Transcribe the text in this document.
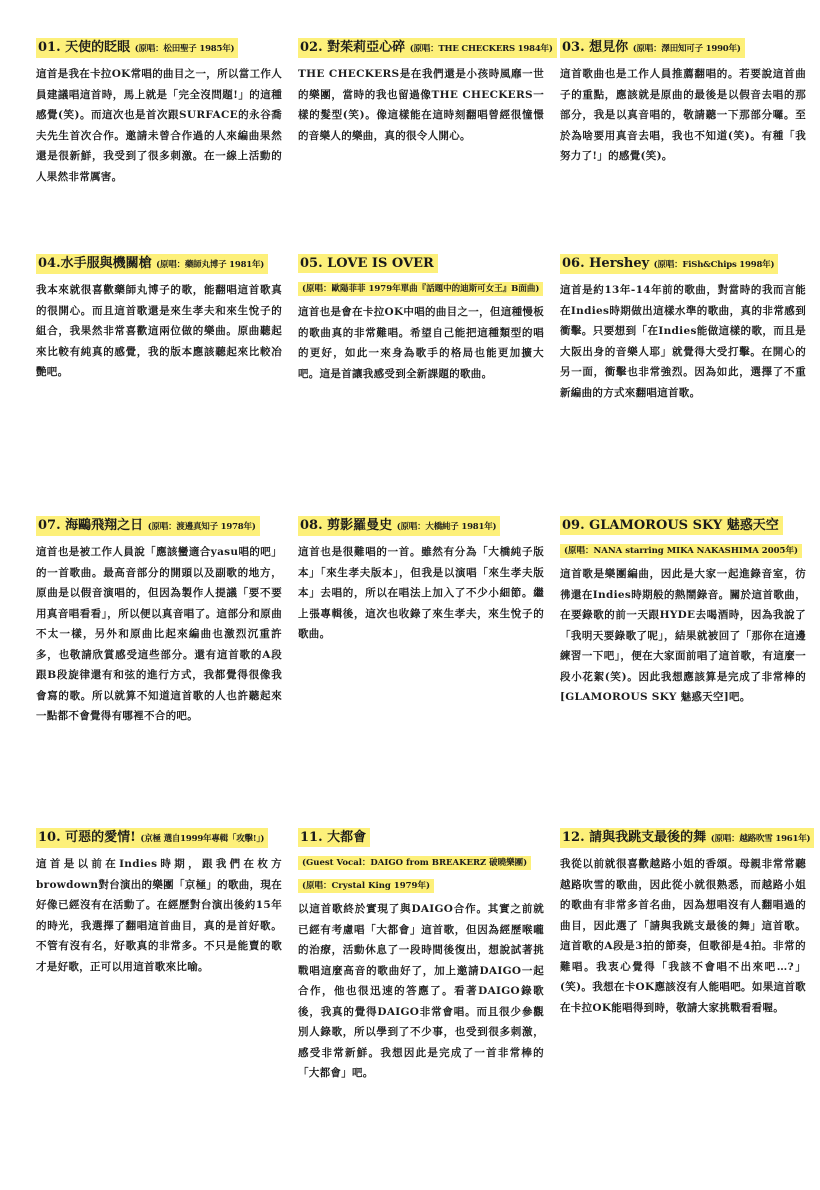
01. 天使的眨眼 (原唱：松田聖子 1985年)
這首是我在卡拉OK常唱的曲目之一，所以當工作人員建議唱這首時，馬上就是「完全沒問題!」的這種感覺(笑)。而這次也是首次跟SURFACE的永谷喬夫先生首次合作。邀請未曾合作過的人來編曲果然還是很新鮮，我受到了很多刺激。在一線上活動的人果然非常厲害。
02. 對茱莉亞心碎 (原唱：THE CHECKERS 1984年)
THE CHECKERS是在我們還是小孩時風靡一世的樂團，當時的我也留過像THE CHECKERS一樣的髮型(笑)。像這樣能在這時刻翻唱曾經很憧憬的音樂人的樂曲，真的很令人開心。
03. 想見你 (原唱：澤田知可子 1990年)
這首歌曲也是工作人員推薦翻唱的。若要說這首曲子的重點，應該就是原曲的最後是以假音去唱的那部分，我是以真音唱的，敬請聽一下那部分囉。至於為啥要用真音去唱，我也不知道(笑)。有種「我努力了!」的感覺(笑)。
04.水手服與機關槍 (原唱：藥師丸博子 1981年)
我本來就很喜歡藥師丸博子的歌，能翻唱這首歌真的很開心。而且這首歌還是來生孝夫和來生悅子的組合，我果然非常喜歡這兩位做的樂曲。原曲聽起來比較有純真的感覺，我的版本應該聽起來比較冶艷吧。
05. LOVE IS OVER
(原唱：歐陽菲菲 1979年單曲『話題中的迪斯可女王』B面曲)
這首也是會在卡拉OK中唱的曲目之一，但這種慢板的歌曲真的非常難唱。希望自己能把這種類型的唱的更好，如此一來身為歌手的格局也能更加擴大吧。這是首讓我感受到全新課題的歌曲。
06. Hershey (原唱：FiSh&Chips 1998年)
這首是約13年-14年前的歌曲，對當時的我而言能在Indies時期做出這樣水準的歌曲，真的非常感到衝擊。只要想到「在Indies能做這樣的歌，而且是大阪出身的音樂人耶」就覺得大受打擊。在開心的另一面，衝擊也非常強烈。因為如此，選擇了不重新編曲的方式來翻唱這首歌。
07. 海鷗飛翔之日 (原唱：渡邊真知子 1978年)
這首也是被工作人員說「應該蠻適合yasu唱的吧」的一首歌曲。最高音部分的開頭以及副歌的地方，原曲是以假音演唱的，但因為製作人提議「要不要用真音唱看看」，所以便以真音唱了。這部分和原曲不太一樣，另外和原曲比起來編曲也激烈沉重許多，也敬請欣賞感受這些部分。還有這首歌的A段跟B段旋律還有和弦的進行方式，我都覺得很像我會寫的歌。所以就算不知道這首歌的人也許聽起來一點都不會覺得有哪裡不合的吧。
08. 剪影羅曼史 (原唱：大橋純子 1981年)
這首也是很難唱的一首。雖然有分為「大橋純子版本」「來生孝夫版本」，但我是以演唱「來生孝夫版本」去唱的，所以在唱法上加入了不少小細節。繼上張專輯後，這次也收錄了來生孝夫，來生悅子的歌曲。
09. GLAMOROUS SKY 魅惑天空
(原唱：NANA starring MIKA NAKASHIMA 2005年)
這首歌是樂團編曲，因此是大家一起進錄音室，彷彿還在Indies時期般的熱鬧錄音。關於這首歌曲，在要錄歌的前一天跟HYDE去喝酒時，因為我說了「我明天要錄歌了呢」，結果就被回了「那你在這邊練習一下吧」，便在大家面前唱了這首歌，有這麼一段小花絮(笑)。因此我想應該算是完成了非常棒的[GLAMOROUS SKY 魅惑天空]吧。
10. 可惡的愛情! (京極 選自1999年專輯「攻擊!」)
這首是以前在Indies時期，跟我們在枚方browdown對台演出的樂團「京極」的歌曲，現在好像已經沒有在活動了。在經歷對台演出後約15年的時光，我選擇了翻唱這首曲目，真的是首好歌。不管有沒有名，好歌真的非常多。不只是能賣的歌才是好歌，正可以用這首歌來比喻。
11. 大都會
(Guest Vocal：DAIGO from BREAKERZ 破曉樂團)
(原唱：Crystal King 1979年)
以這首歌終於實現了與DAIGO合作。其實之前就已經有考慮唱「大都會」這首歌，但因為經歷喉嚨的治療，活動休息了一段時間後復出，想說試著挑戰唱這麼高音的歌曲好了，加上邀請DAIGO一起合作，他也很迅速的答應了。看著DAIGO錄歌後，我真的覺得DAIGO非常會唱。而且很少參觀別人錄歌，所以學到了不少事，也受到很多刺激，感受非常新鮮。我想因此是完成了一首非常棒的「大都會」吧。
12. 請與我跳支最後的舞 (原唱：越路吹雪 1961年)
我從以前就很喜歡越路小姐的香頌。母親非常常聽越路吹雪的歌曲，因此從小就很熟悉，而越路小姐的歌曲有非常多首名曲，因為想唱沒有人翻唱過的曲目，因此選了「請與我跳支最後的舞」這首歌。這首歌的A段是3拍的節奏，但歌卻是4拍。非常的難唱。我衷心覺得「我該不會唱不出來吧…?」(笑)。我想在卡OK應該沒有人能唱吧。如果這首歌在卡拉OK能唱得到時，敬請大家挑戰看看喔。
